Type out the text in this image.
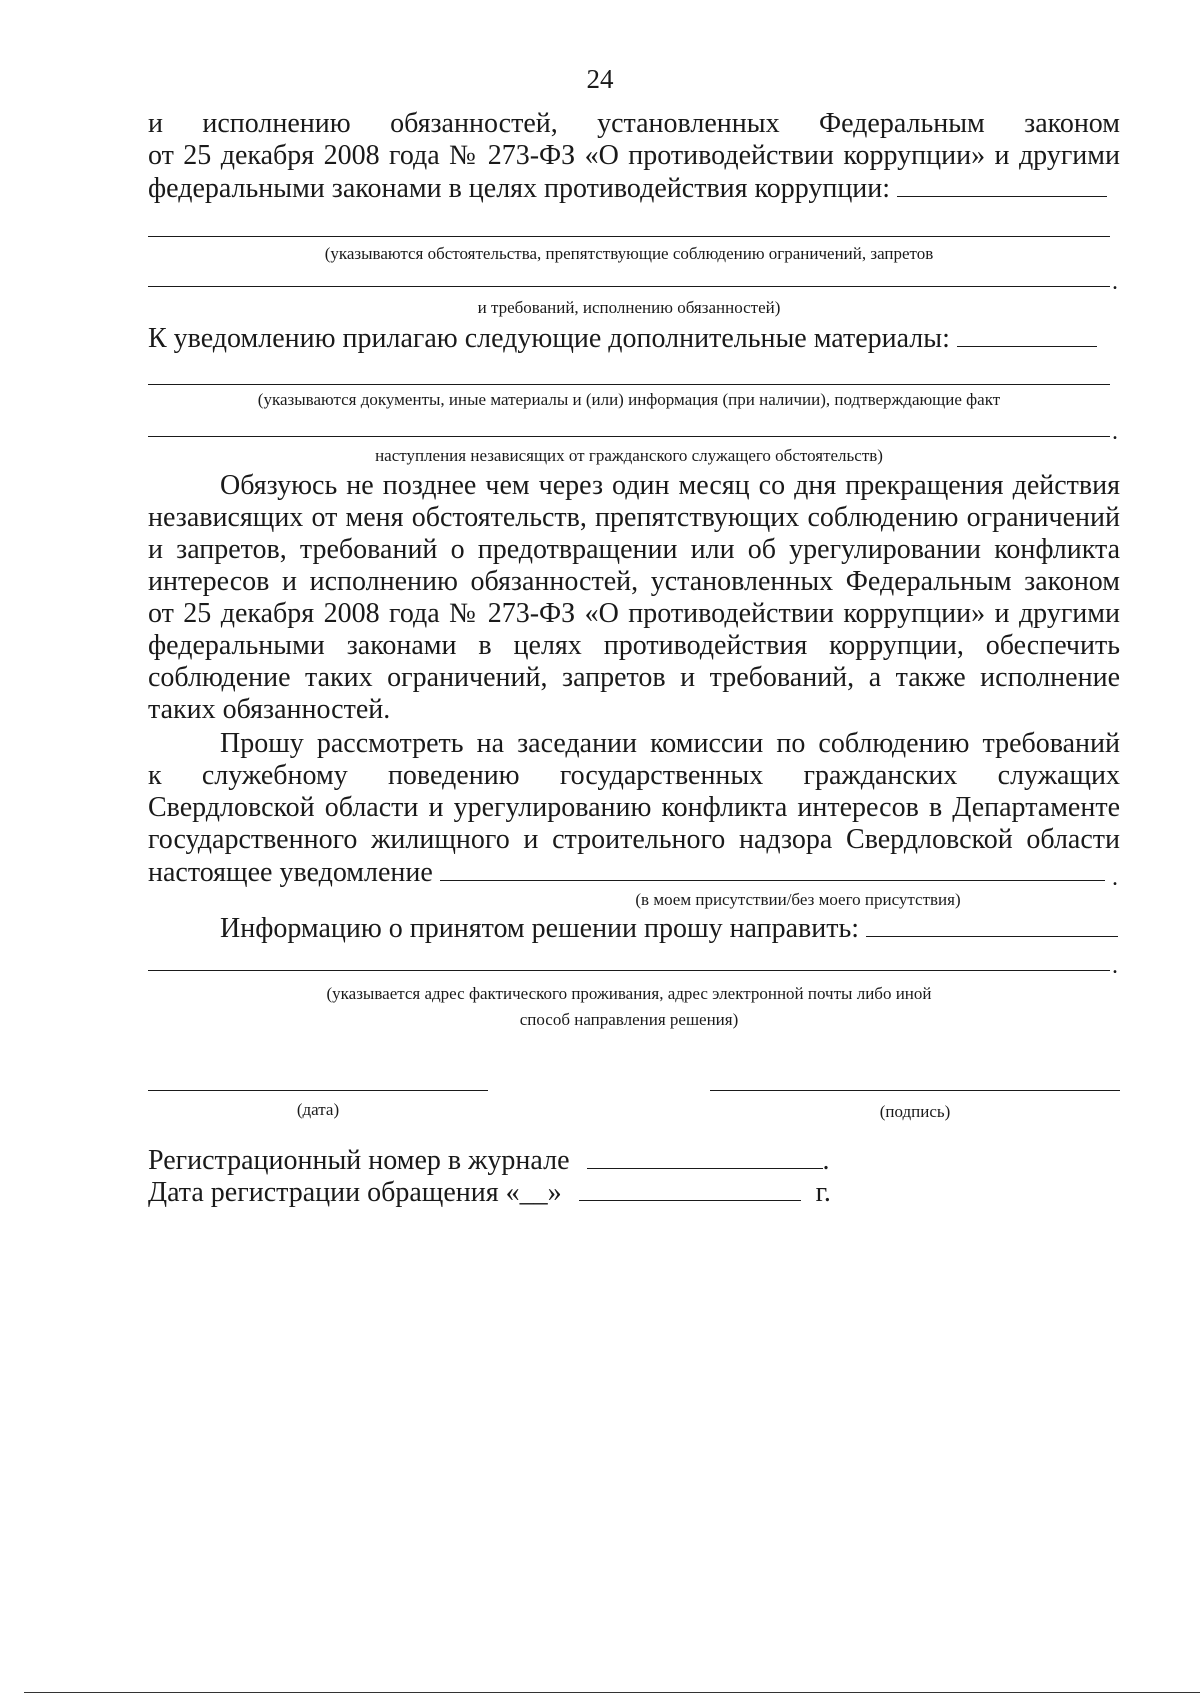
24
и исполнению обязанностей, установленных Федеральным законом
от 25 декабря 2008 года № 273-ФЗ «О противодействии коррупции» и другими
федеральными законами в целях противодействия коррупции:
(указываются обстоятельства, препятствующие соблюдению ограничений, запретов
.
и требований, исполнению обязанностей)
К уведомлению прилагаю следующие дополнительные материалы:
(указываются документы, иные материалы и (или) информация (при наличии), подтверждающие факт
.
наступления независящих от гражданского служащего обстоятельств)
Обязуюсь не позднее чем через один месяц со дня прекращения действия
независящих от меня обстоятельств, препятствующих соблюдению ограничений
и запретов, требований о предотвращении или об урегулировании конфликта
интересов и исполнению обязанностей, установленных Федеральным законом
от 25 декабря 2008 года № 273-ФЗ «О противодействии коррупции» и другими
федеральными законами в целях противодействия коррупции, обеспечить
соблюдение таких ограничений, запретов и требований, а также исполнение
таких обязанностей.
Прошу рассмотреть на заседании комиссии по соблюдению требований
к служебному поведению государственных гражданских служащих
Свердловской области и урегулированию конфликта интересов в Департаменте
государственного жилищного и строительного надзора Свердловской области
настоящее уведомление	.
(в моем присутствии/без моего присутствия)
Информацию о принятом решении прошу направить:
.
(указывается адрес фактического проживания, адрес электронной почты либо иной
способ направления решения)
(дата)	(подпись)
Регистрационный номер в журнале	.
Дата регистрации обращения «__»	г.
